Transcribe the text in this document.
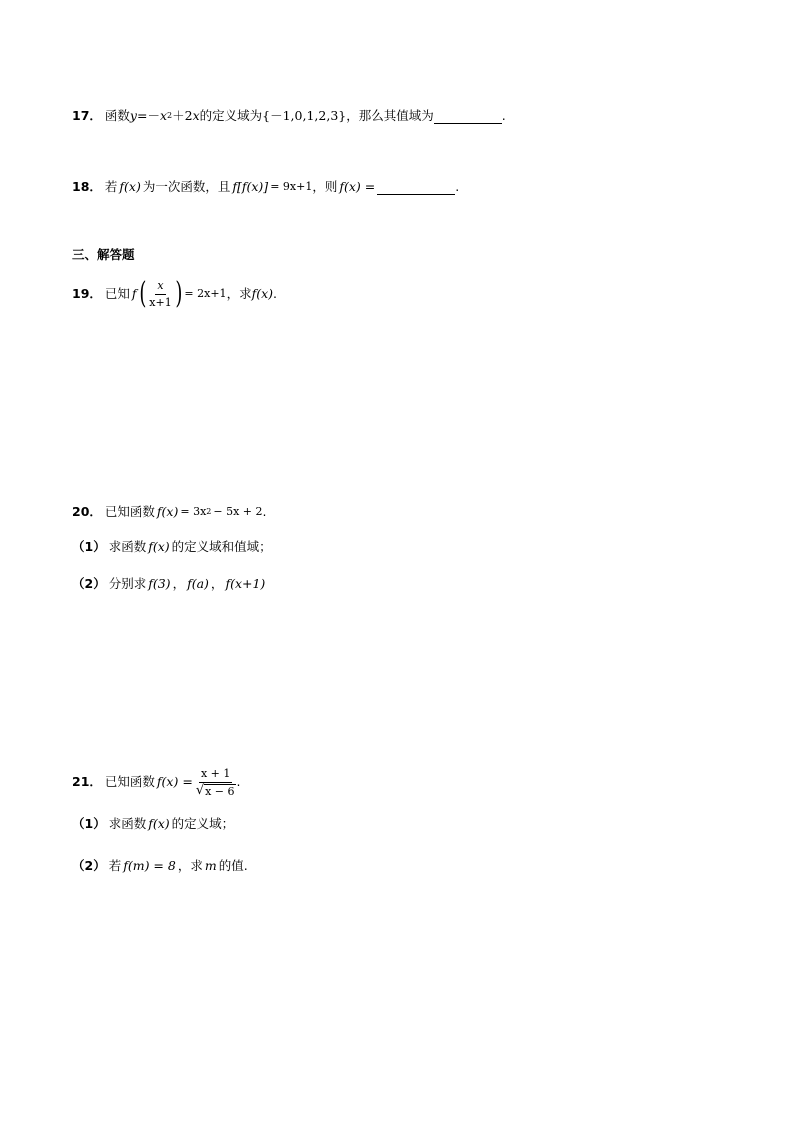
17． 函数 y =－ x 2 ＋2 x 的定义域为 {－1,0,1,2,3} ，那么其值域为	.
18． 若 f(x) 为一次函数，且 f[f(x)] = 9x+1 ，则 f(x) =	.
三、解答题
19． 已知 f ( $\frac{x}{x+1}$ ) = 2x+1 ，求 f(x) .
20． 已知函数 f(x) = 3x 2 − 5x + 2 .
（1） 求函数 f(x) 的定义域和值域；
（2） 分别求 f(3) ， f(a) ， f(x+1)
21． 已知函数 $f(x) = \frac{x + 1}{√ x - 6}$ .
（1） 求函数 f(x) 的定义域；
（2） 若 f(m) = 8 ，求 m 的值.
